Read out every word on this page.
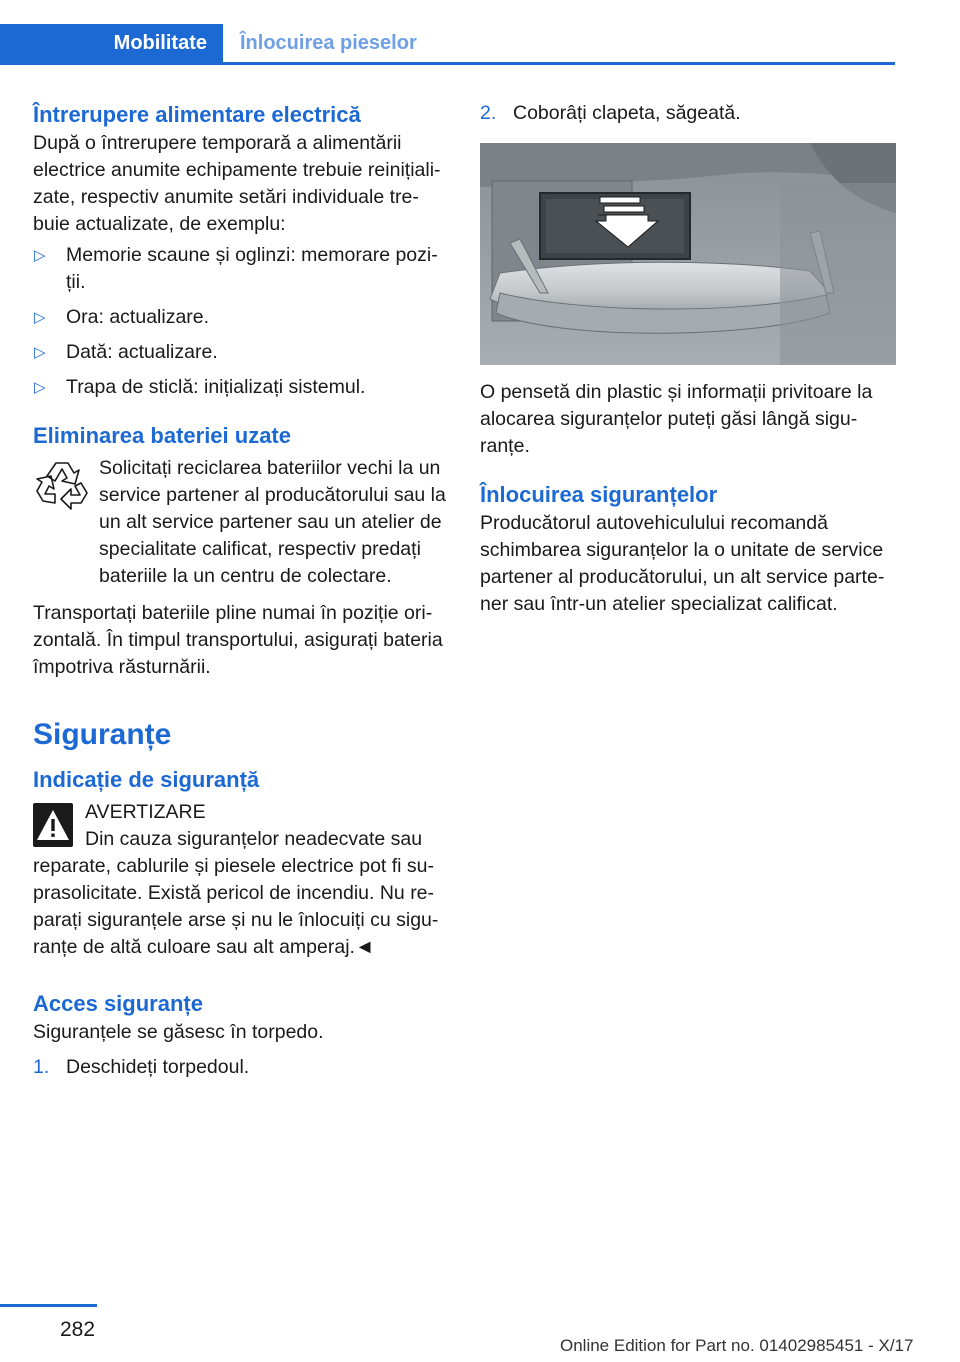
Mobilitate	Înlocuirea pieselor
Întrerupere alimentare electrică

După o întrerupere temporară a alimentării electrice anumite echipamente trebuie reinițializate, respectiv anumite setări individuale trebuie actualizate, de exemplu:

▷ Memorie scaune și oglinzi: memorare poziții.
▷ Ora: actualizare.
▷ Dată: actualizare.
▷ Trapa de sticlă: inițializați sistemul.
Eliminarea bateriei uzate

Solicitați reciclarea bateriilor vechi la un service partener al producătorului sau la un alt service partener sau un atelier de specialitate calificat, respectiv predați bateriile la un centru de colectare.

Transportați bateriile pline numai în poziție orizontală. În timpul transportului, asigurați bateria împotriva răsturnării.

Siguranțe
Indicație de siguranță

AVERTIZARE

Din cauza siguranțelor neadecvate sau reparate, cablurile și piesele electrice pot fi suprasolicitate. Există pericol de incendiu. Nu reparați siguranțele arse și nu le înlocuiți cu siguranțe de altă culoare sau alt amperaj.◄

Acces siguranțe

Siguranțele se găsesc în torpedo.

1. Deschideți torpedoul.
2. Coborâți clapeta, săgeată.

O pensetă din plastic și informații privitoare la alocarea siguranțelor puteți găsi lângă siguranțe.

Înlocuirea siguranțelor

Producătorul autovehiculului recomandă schimbarea siguranțelor la o unitate de service partener al producătorului, un alt service partener sau într-un atelier specializat calificat.

282
Online Edition for Part no. 01402985451 - X/17
